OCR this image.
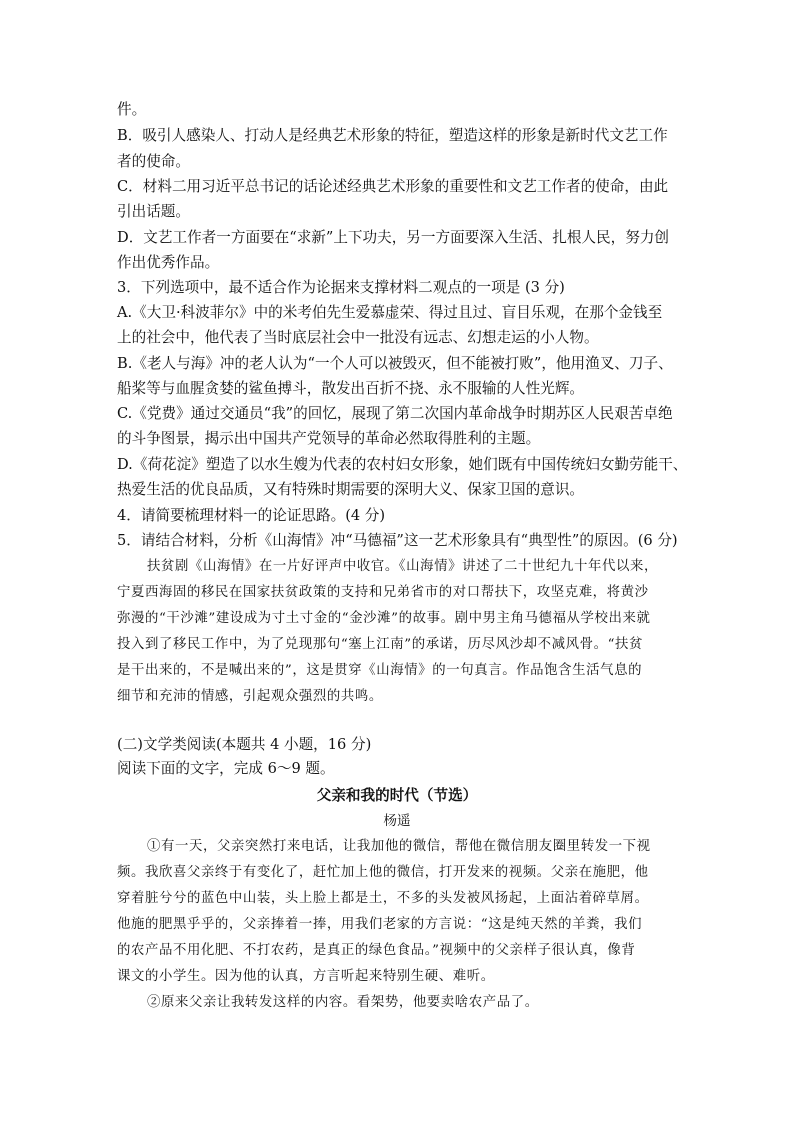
件。
B．吸引人感染人、打动人是经典艺术形象的特征，塑造这样的形象是新时代文艺工作
者的使命。
C．材料二用习近平总书记的话论述经典艺术形象的重要性和文艺工作者的使命，由此
引出话题。
D．文艺工作者一方面要在“求新”上下功夫，另一方面要深入生活、扎根人民，努力创
作出优秀作品。
3．下列选项中，最不适合作为论据来支撑材料二观点的一项是 (3 分)
A.《大卫·科波菲尔》中的米考伯先生爱慕虚荣、得过且过、盲目乐观，在那个金钱至
上的社会中，他代表了当时底层社会中一批没有远志、幻想走运的小人物。
B.《老人与海》冲的老人认为“一个人可以被毁灭，但不能被打败”，他用渔叉、刀子、
船桨等与血腥贪婪的鲨鱼搏斗，散发出百折不挠、永不服输的人性光辉。
C.《党费》通过交通员“我”的回忆，展现了第二次国内革命战争时期苏区人民艰苦卓绝
的斗争图景，揭示出中国共产党领导的革命必然取得胜利的主题。
D.《荷花淀》塑造了以水生嫂为代表的农村妇女形象，她们既有中国传统妇女勤劳能干、
热爱生活的优良品质，又有特殊时期需要的深明大义、保家卫国的意识。
4．请简要梳理材料一的论证思路。(4 分)
5．请结合材料，分析《山海情》冲“马德福”这一艺术形象具有“典型性”的原因。(6 分)
扶贫剧《山海情》在一片好评声中收官。《山海情》讲述了二十世纪九十年代以来，
宁夏西海固的移民在国家扶贫政策的支持和兄弟省市的对口帮扶下，攻坚克难，将黄沙
弥漫的“干沙滩”建设成为寸土寸金的“金沙滩”的故事。剧中男主角马德福从学校出来就
投入到了移民工作中，为了兑现那句“塞上江南”的承诺，历尽风沙却不减风骨。“扶贫
是干出来的，不是喊出来的”，这是贯穿《山海情》的一句真言。作品饱含生活气息的
细节和充沛的情感，引起观众强烈的共鸣。
(二)文学类阅读(本题共 4 小题，16 分)
阅读下面的文字，完成 6～9 题。
父亲和我的时代（节选）
杨遥
①有一天，父亲突然打来电话，让我加他的微信，帮他在微信朋友圈里转发一下视
频。我欣喜父亲终于有变化了，赶忙加上他的微信，打开发来的视频。父亲在施肥，他
穿着脏兮兮的蓝色中山装，头上脸上都是土，不多的头发被风扬起，上面沾着碎草屑。
他施的肥黑乎乎的，父亲捧着一捧，用我们老家的方言说：“这是纯天然的羊粪，我们
的农产品不用化肥、不打农药，是真正的绿色食品。”视频中的父亲样子很认真，像背
课文的小学生。因为他的认真，方言听起来特别生硬、难听。
②原来父亲让我转发这样的内容。看架势，他要卖啥农产品了。
